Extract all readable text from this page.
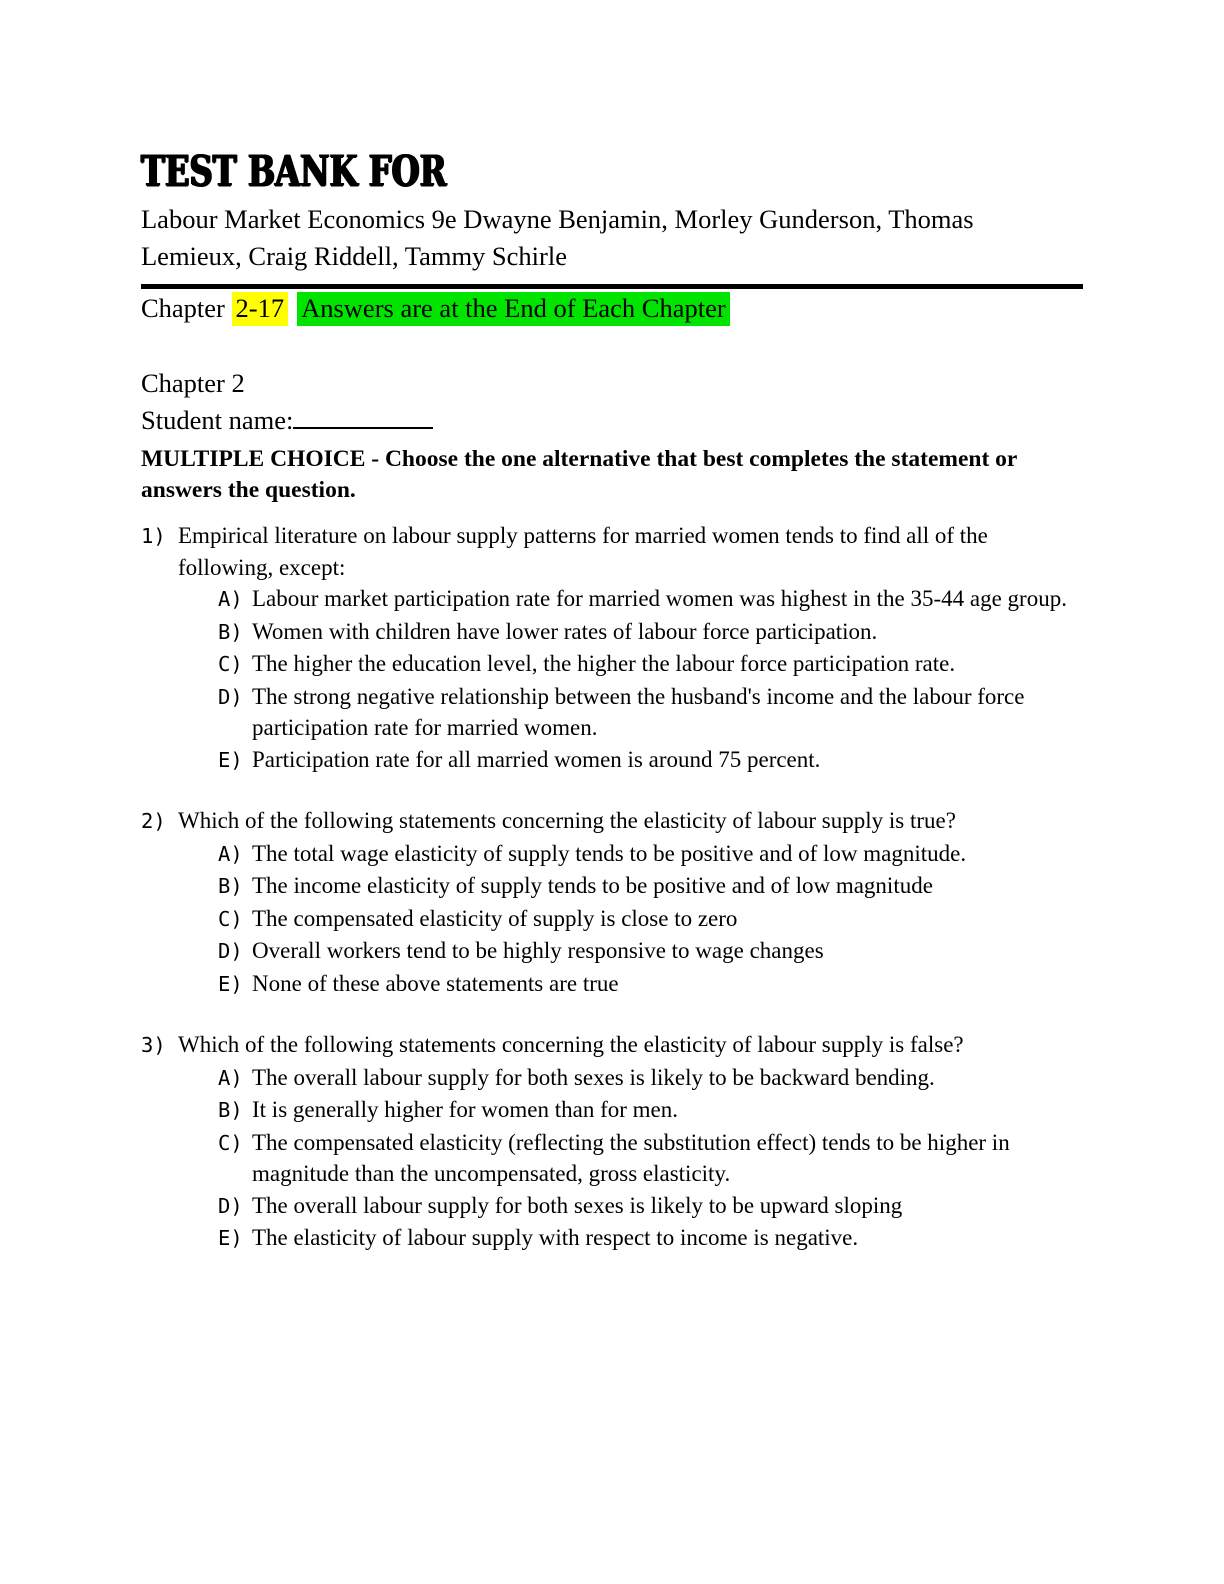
TEST BANK FOR
Labour Market Economics 9e Dwayne Benjamin, Morley Gunderson, Thomas Lemieux, Craig Riddell, Tammy Schirle
Chapter 2-17 Answers are at the End of Each Chapter
Chapter 2
Student name:
MULTIPLE CHOICE - Choose the one alternative that best completes the statement or answers the question.
1) Empirical literature on labour supply patterns for married women tends to find all of the following, except:
A) Labour market participation rate for married women was highest in the 35-44 age group.
B) Women with children have lower rates of labour force participation.
C) The higher the education level, the higher the labour force participation rate.
D) The strong negative relationship between the husband's income and the labour force participation rate for married women.
E) Participation rate for all married women is around 75 percent.
2) Which of the following statements concerning the elasticity of labour supply is true?
A) The total wage elasticity of supply tends to be positive and of low magnitude.
B) The income elasticity of supply tends to be positive and of low magnitude
C) The compensated elasticity of supply is close to zero
D) Overall workers tend to be highly responsive to wage changes
E) None of these above statements are true
3) Which of the following statements concerning the elasticity of labour supply is false?
A) The overall labour supply for both sexes is likely to be backward bending.
B) It is generally higher for women than for men.
C) The compensated elasticity (reflecting the substitution effect) tends to be higher in magnitude than the uncompensated, gross elasticity.
D) The overall labour supply for both sexes is likely to be upward sloping
E) The elasticity of labour supply with respect to income is negative.
